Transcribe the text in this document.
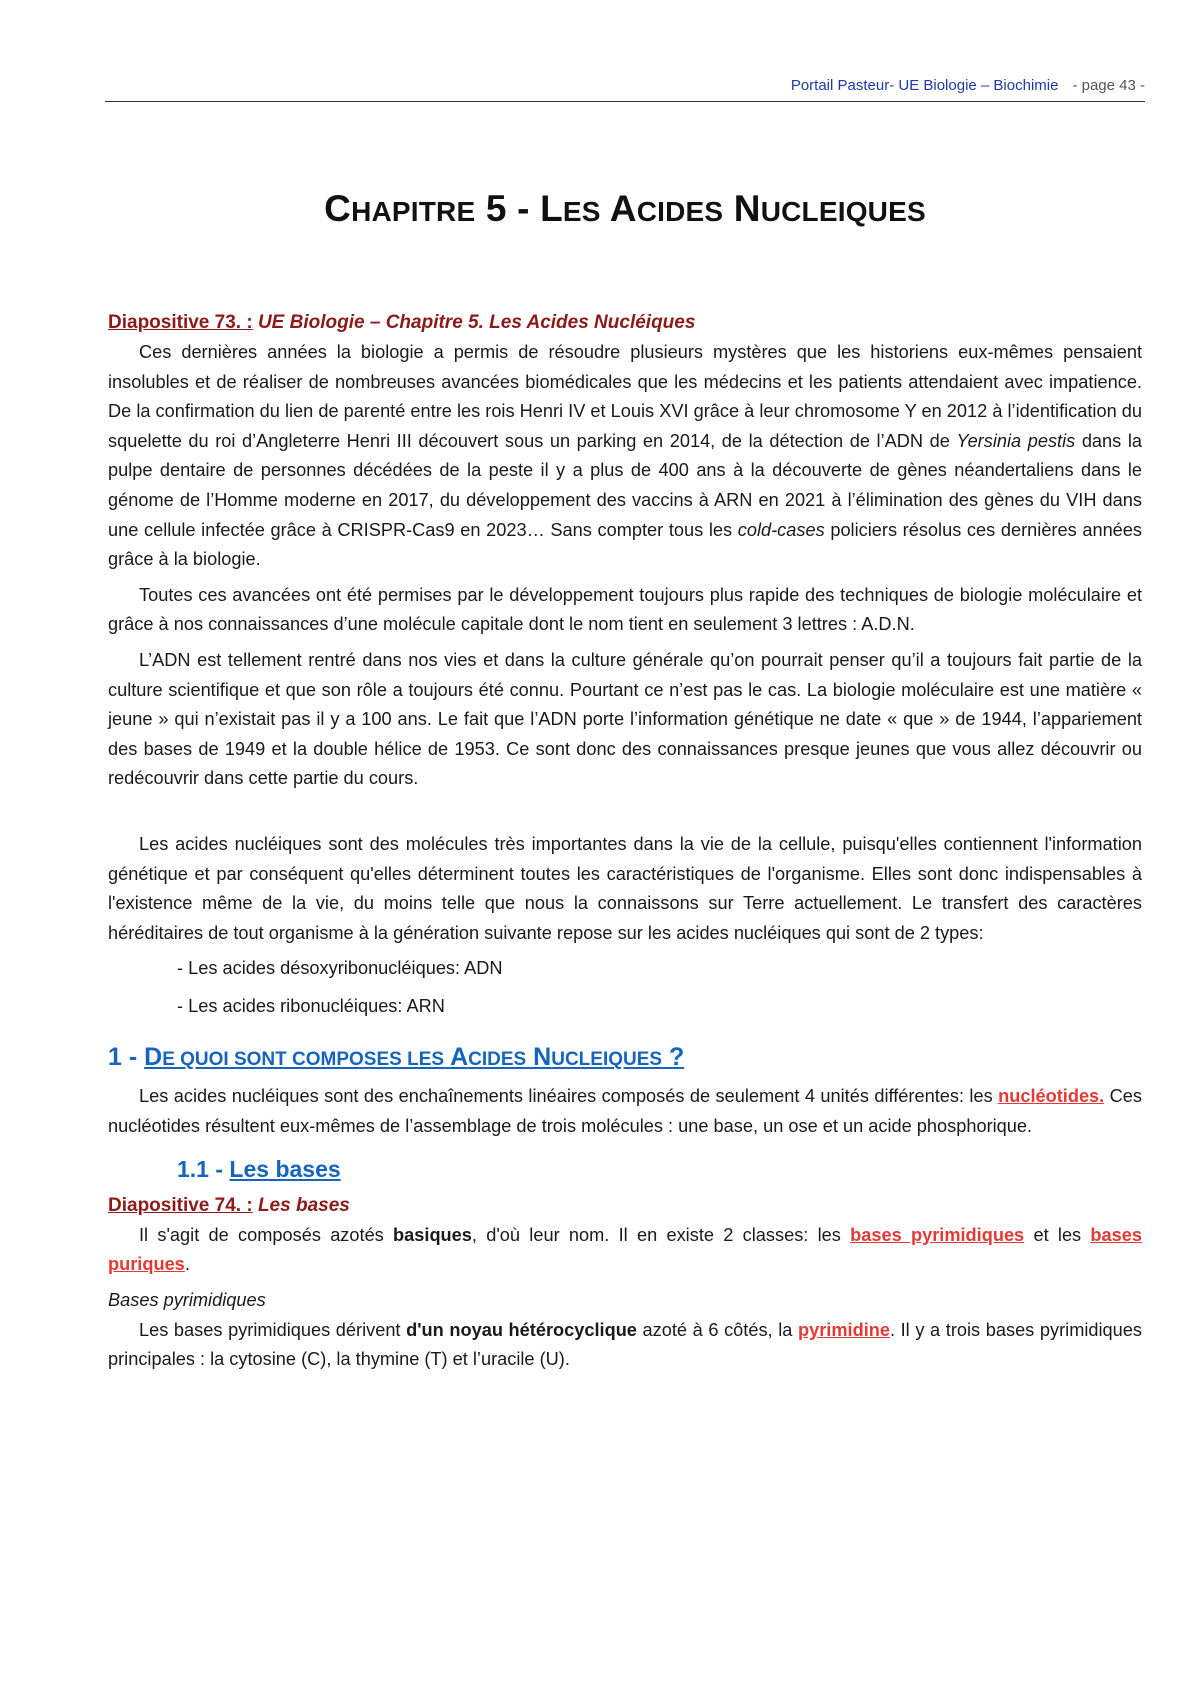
Portail Pasteur- UE Biologie – Biochimie - page 43 -
CHAPITRE 5 - LES ACIDES NUCLEIQUES
Diapositive 73. : UE Biologie – Chapitre 5. Les Acides Nucléiques

Ces dernières années la biologie a permis de résoudre plusieurs mystères que les historiens eux-mêmes pensaient insolubles et de réaliser de nombreuses avancées biomédicales que les médecins et les patients attendaient avec impatience. De la confirmation du lien de parenté entre les rois Henri IV et Louis XVI grâce à leur chromosome Y en 2012 à l’identification du squelette du roi d’Angleterre Henri III découvert sous un parking en 2014, de la détection de l’ADN de Yersinia pestis dans la pulpe dentaire de personnes décédées de la peste il y a plus de 400 ans à la découverte de gènes néandertaliens dans le génome de l’Homme moderne en 2017, du développement des vaccins à ARN en 2021 à l’élimination des gènes du VIH dans une cellule infectée grâce à CRISPR-Cas9 en 2023… Sans compter tous les cold-cases policiers résolus ces dernières années grâce à la biologie.

Toutes ces avancées ont été permises par le développement toujours plus rapide des techniques de biologie moléculaire et grâce à nos connaissances d’une molécule capitale dont le nom tient en seulement 3 lettres : A.D.N.

L’ADN est tellement rentré dans nos vies et dans la culture générale qu’on pourrait penser qu’il a toujours fait partie de la culture scientifique et que son rôle a toujours été connu. Pourtant ce n’est pas le cas. La biologie moléculaire est une matière « jeune » qui n’existait pas il y a 100 ans. Le fait que l’ADN porte l’information génétique ne date « que » de 1944, l’appariement des bases de 1949 et la double hélice de 1953. Ce sont donc des connaissances presque jeunes que vous allez découvrir ou redécouvrir dans cette partie du cours.

Les acides nucléiques sont des molécules très importantes dans la vie de la cellule, puisqu'elles contiennent l'information génétique et par conséquent qu'elles déterminent toutes les caractéristiques de l'organisme. Elles sont donc indispensables à l'existence même de la vie, du moins telle que nous la connaissons sur Terre actuellement. Le transfert des caractères héréditaires de tout organisme à la génération suivante repose sur les acides nucléiques qui sont de 2 types:

- Les acides désoxyribonucléiques: ADN
- Les acides ribonucléiques: ARN
1 - DE QUOI SONT COMPOSES LES ACIDES NUCLEIQUES ?

Les acides nucléiques sont des enchaînements linéaires composés de seulement 4 unités différentes: les nucléotides. Ces nucléotides résultent eux-mêmes de l’assemblage de trois molécules : une base, un ose et un acide phosphorique.

1.1 - Les bases
Diapositive 74. : Les bases

Il s'agit de composés azotés basiques, d'où leur nom. Il en existe 2 classes: les bases pyrimidiques et les bases puriques.

Bases pyrimidiques

Les bases pyrimidiques dérivent d'un noyau hétérocyclique azoté à 6 côtés, la pyrimidine. Il y a trois bases pyrimidiques principales : la cytosine (C), la thymine (T) et l’uracile (U).
